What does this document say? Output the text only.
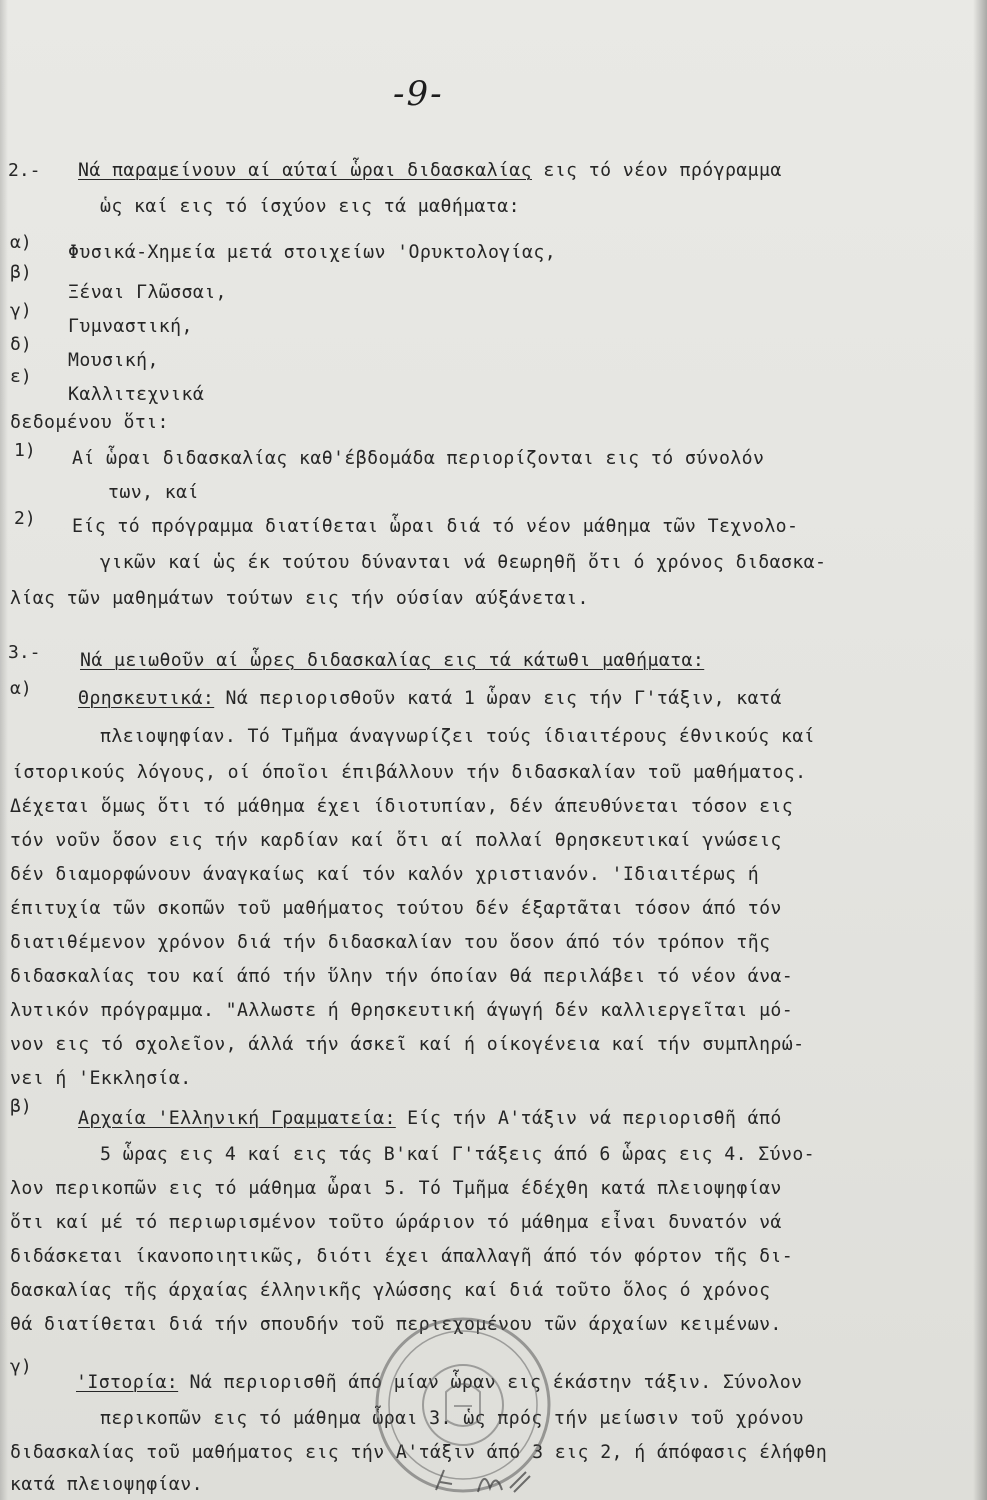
-9-
2.- Νά παραμείνουν αί αύταί ὧραι διδασκαλίας εις τό νέον πρόγραμμα
ὡς καί εις τό ίσχύον εις τά μαθήματα:
α) Φυσικά-Χημεία μετά στοιχείων 'Ορυκτολογίας,
β)
Ξέναι Γλῶσσαι,
γ)
Γυμναστική,
δ)
Μουσική,
ε)
Καλλιτεχνικά
δεδομένου ὅτι:
1) Αί ὧραι διδασκαλίας καθ'έβδομάδα περιορίζονται εις τό σύνολόν
των, καί
2) Είς τό πρόγραμμα διατίθεται ὧραι διά τό νέον μάθημα τῶν Τεχνολο-
γικῶν καί ὡς έκ τούτου δύνανται νά θεωρηθῆ ὅτι ό χρόνος διδασκα-
λίας τῶν μαθημάτων τούτων εις τήν ούσίαν αύξάνεται.
3.- Νά μειωθοῦν αί ὧρες διδασκαλίας εις τά κάτωθι μαθήματα:
α)	Θρησκευτικά: Νά περιορισθοῦν κατά 1 ὧραν εις τήν Γ'τάξιν, κατά
πλειοψηφίαν. Τό Τμῆμα άναγνωρίζει τούς ίδιαιτέρους έθνικούς καί
ίστορικούς λόγους, οί όποῖοι έπιβάλλουν τήν διδασκαλίαν τοῦ μαθήματος.
Δέχεται ὅμως ὅτι τό μάθημα έχει ίδιοτυπίαν, δέν άπευθύνεται τόσον εις
τόν νοῦν ὅσον εις τήν καρδίαν καί ὅτι αί πολλαί θρησκευτικαί γνώσεις
δέν διαμορφώνουν άναγκαίως καί τόν καλόν χριστιανόν. 'Ιδιαιτέρως ή
έπιτυχία τῶν σκοπῶν τοῦ μαθήματος τούτου δέν έξαρτᾶται τόσον άπό τόν
διατιθέμενον χρόνον διά τήν διδασκαλίαν του ὅσον άπό τόν τρόπον τῆς
διδασκαλίας του καί άπό τήν ὕλην τήν όποίαν θά περιλάβει τό νέον άνα-
λυτικόν πρόγραμμα. "Αλλωστε ή θρησκευτική άγωγή δέν καλλιεργεῖται μό-
νον εις τό σχολεῖον, άλλά τήν άσκεῖ καί ή οίκογένεια καί τήν συμπληρώ-
νει ή 'Εκκλησία.
β)
Αρχαία 'Ελληνική Γραμματεία: Είς τήν Α'τάξιν νά περιορισθῆ άπό
5 ὧρας εις 4 καί εις τάς Β'καί Γ'τάξεις άπό 6 ὧρας εις 4. Σύνο-
λον περικοπῶν εις τό μάθημα ὧραι 5. Τό Τμῆμα έδέχθη κατά πλειοψηφίαν
ὅτι καί μέ τό περιωρισμένον τοῦτο ώράριον τό μάθημα εἶναι δυνατόν νά
διδάσκεται ίκανοποιητικῶς, διότι έχει άπαλλαγῆ άπό τόν φόρτον τῆς δι-
δασκαλίας τῆς άρχαίας έλληνικῆς γλώσσης καί διά τοῦτο ὅλος ό χρόνος
θά διατίθεται διά τήν σπουδήν τοῦ περιεχομένου τῶν άρχαίων κειμένων.
γ)
'Ιστορία: Νά περιορισθῆ άπό μίαν ὧραν εις έκάστην τάξιν. Σύνολον
περικοπῶν εις τό μάθημα ὧραι 3. ὡς πρός τήν μείωσιν τοῦ χρόνου
διδασκαλίας τοῦ μαθήματος εις τήν Α'τάξιν άπό 3 εις 2, ή άπόφασις έλήφθη
κατά πλειοψηφίαν.
